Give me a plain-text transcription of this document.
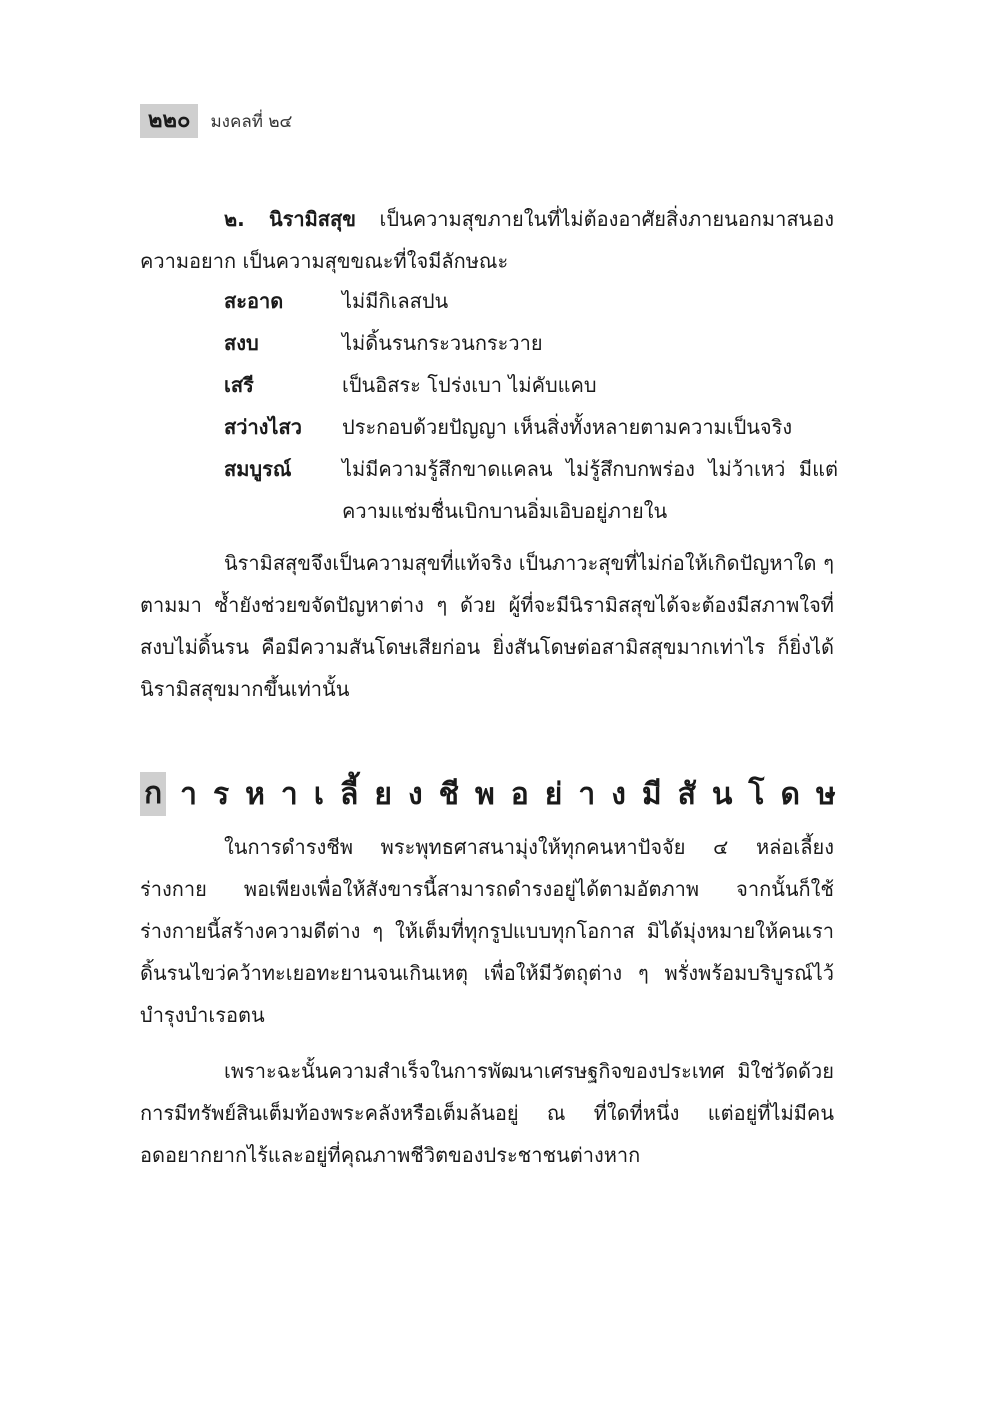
๒๒๐	มงคลที่ ๒๔
๒. นิรามิสสุข เป็นความสุขภายในที่ไม่ต้องอาศัยสิ่งภายนอกมาสนองความอยาก เป็นความสุขขณะที่ใจมีลักษณะ
สะอาด	ไม่มีกิเลสปน
สงบ	ไม่ดิ้นรนกระวนกระวาย
เสรี	เป็นอิสระ โปร่งเบา ไม่คับแคบ
สว่างไสว	ประกอบด้วยปัญญา เห็นสิ่งทั้งหลายตามความเป็นจริง
สมบูรณ์	ไม่มีความรู้สึกขาดแคลน ไม่รู้สึกบกพร่อง ไม่ว้าเหว่ มีแต่ความแช่มชื่นเบิกบานอิ่มเอิบอยู่ภายใน
นิรามิสสุขจึงเป็นความสุขที่แท้จริง เป็นภาวะสุขที่ไม่ก่อให้เกิดปัญหาใด ๆ ตามมา ซ้ำยังช่วยขจัดปัญหาต่าง ๆ ด้วย ผู้ที่จะมีนิรามิสสุขได้จะต้องมีสภาพใจที่สงบไม่ดิ้นรน คือมีความสันโดษเสียก่อน ยิ่งสันโดษต่อสามิสสุขมากเท่าไร ก็ยิ่งได้นิรามิสสุขมากขึ้นเท่านั้น
ก ารหาเลี้ยงชีพอย่างมีสันโดษ
ในการดำรงชีพ พระพุทธศาสนามุ่งให้ทุกคนหาปัจจัย ๔ หล่อเลี้ยงร่างกาย พอเพียงเพื่อให้สังขารนี้สามารถดำรงอยู่ได้ตามอัตภาพ จากนั้นก็ใช้ร่างกายนี้สร้างความดีต่าง ๆ ให้เต็มที่ทุกรูปแบบทุกโอกาส มิได้มุ่งหมายให้คนเราดิ้นรนไขว่คว้าทะเยอทะยานจนเกินเหตุ เพื่อให้มีวัตถุต่าง ๆ พรั่งพร้อมบริบูรณ์ไว้บำรุงบำเรอตน
เพราะฉะนั้นความสำเร็จในการพัฒนาเศรษฐกิจของประเทศ มิใช่วัดด้วยการมีทรัพย์สินเต็มท้องพระคลังหรือเต็มล้นอยู่ ณ ที่ใดที่หนึ่ง แต่อยู่ที่ไม่มีคนอดอยากยากไร้และอยู่ที่คุณภาพชีวิตของประชาชนต่างหาก
